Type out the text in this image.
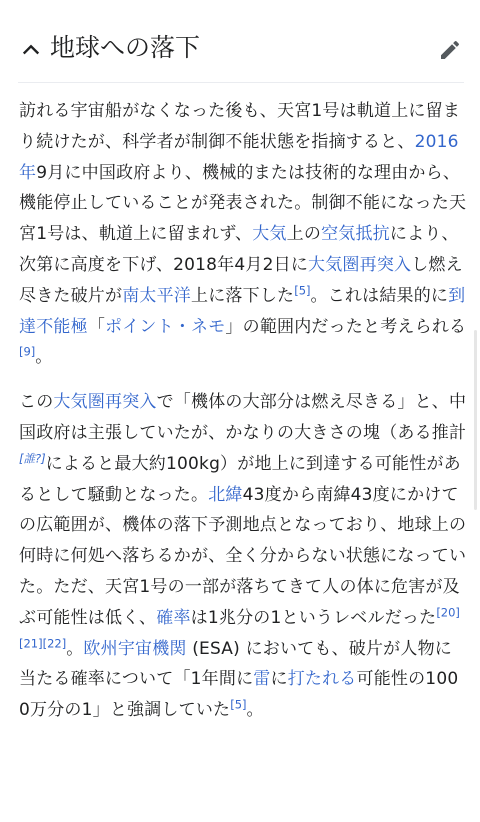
地球への落下

訪れる宇宙船がなくなった後も、天宮1号は軌道上に留まり続けたが、科学者が制御不能状態を指摘すると、2016年9月に中国政府より、機械的または技術的な理由から、機能停止していることが発表された。制御不能になった天宮1号は、軌道上に留まれず、大気上の空気抵抗により、次第に高度を下げ、2018年4月2日に大気圏再突入し燃え尽きた破片が南太平洋上に落下した[5]。これは結果的に到達不能極「ポイント・ネモ」の範囲内だったと考えられる[9]。

この大気圏再突入で「機体の大部分は燃え尽きる」と、中国政府は主張していたが、かなりの大きさの塊（ある推計[誰?]によると最大約100kg）が地上に到達する可能性があるとして騒動となった。北緯43度から南緯43度にかけての広範囲が、機体の落下予測地点となっており、地球上の何時に何処へ落ちるかが、全く分からない状態になっていた。ただ、天宮1号の一部が落ちてきて人の体に危害が及ぶ可能性は低く、確率は1兆分の1というレベルだった[20][21][22]。欧州宇宙機関 (ESA) においても、破片が人物に当たる確率について「1年間に雷に打たれる可能性の1000万分の1」と強調していた[5]。
